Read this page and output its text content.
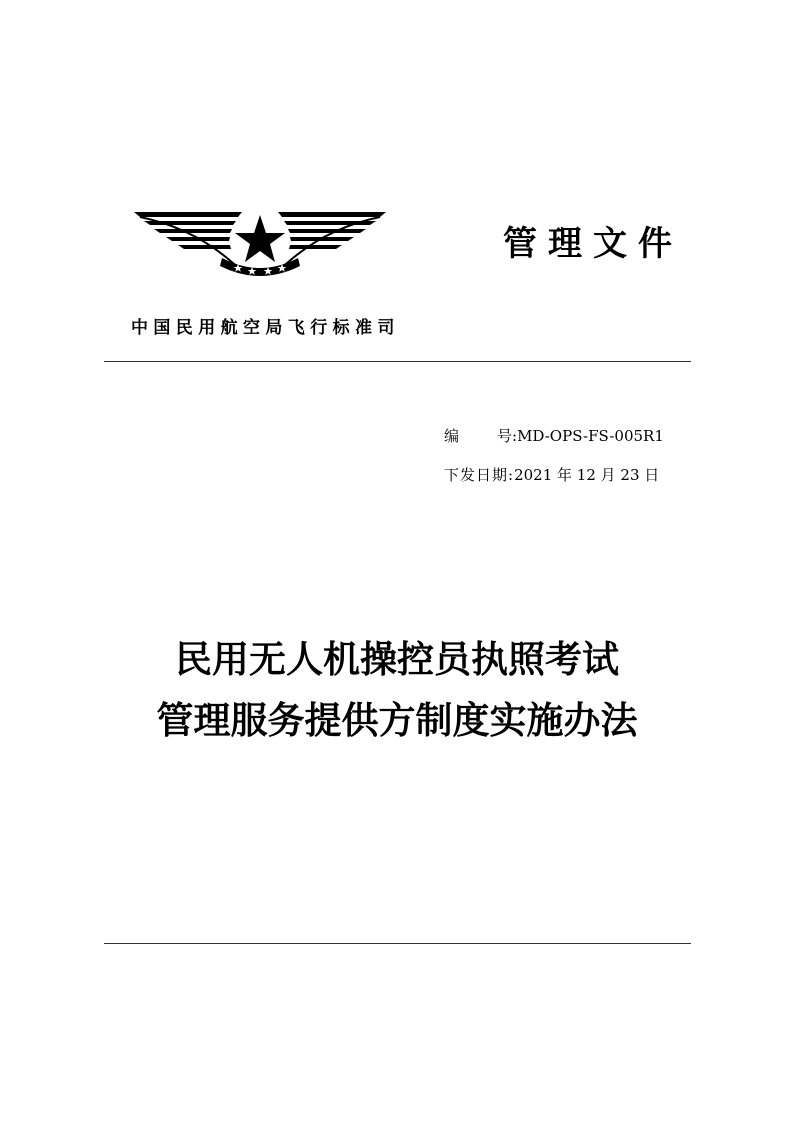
管理文件
中国民用航空局飞行标准司
编	号:MD-OPS-FS-005R1
下发日期:2021 年 12 月 23 日
民用无人机操控员执照考试
管理服务提供方制度实施办法
